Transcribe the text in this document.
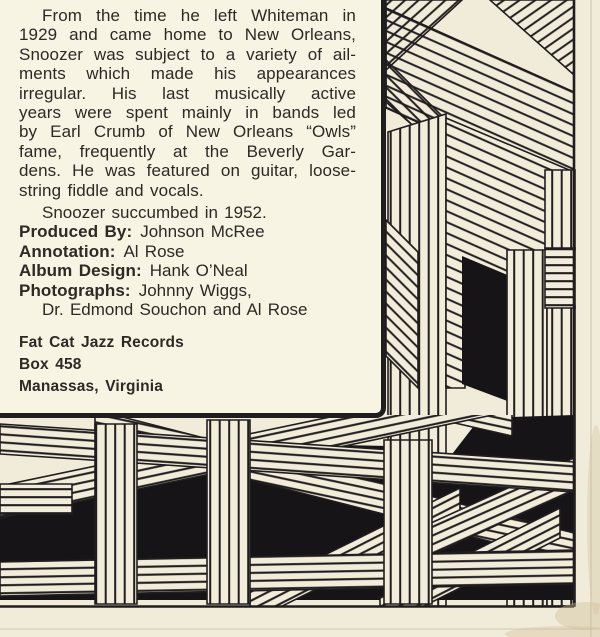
From the time he left Whiteman in
1929 and came home to New Orleans,
Snoozer was subject to a variety of ail-
ments which made his appearances
irregular. His last musically active
years were spent mainly in bands led
by Earl Crumb of New Orleans “Owls”
fame, frequently at the Beverly Gar-
dens. He was featured on guitar, loose-
string fiddle and vocals.
Snoozer succumbed in 1952.
Produced By: Johnson McRee
Annotation: Al Rose
Album Design: Hank O’Neal
Photographs: Johnny Wiggs,
Dr. Edmond Souchon and Al Rose
Fat Cat Jazz Records
Box 458
Manassas, Virginia
